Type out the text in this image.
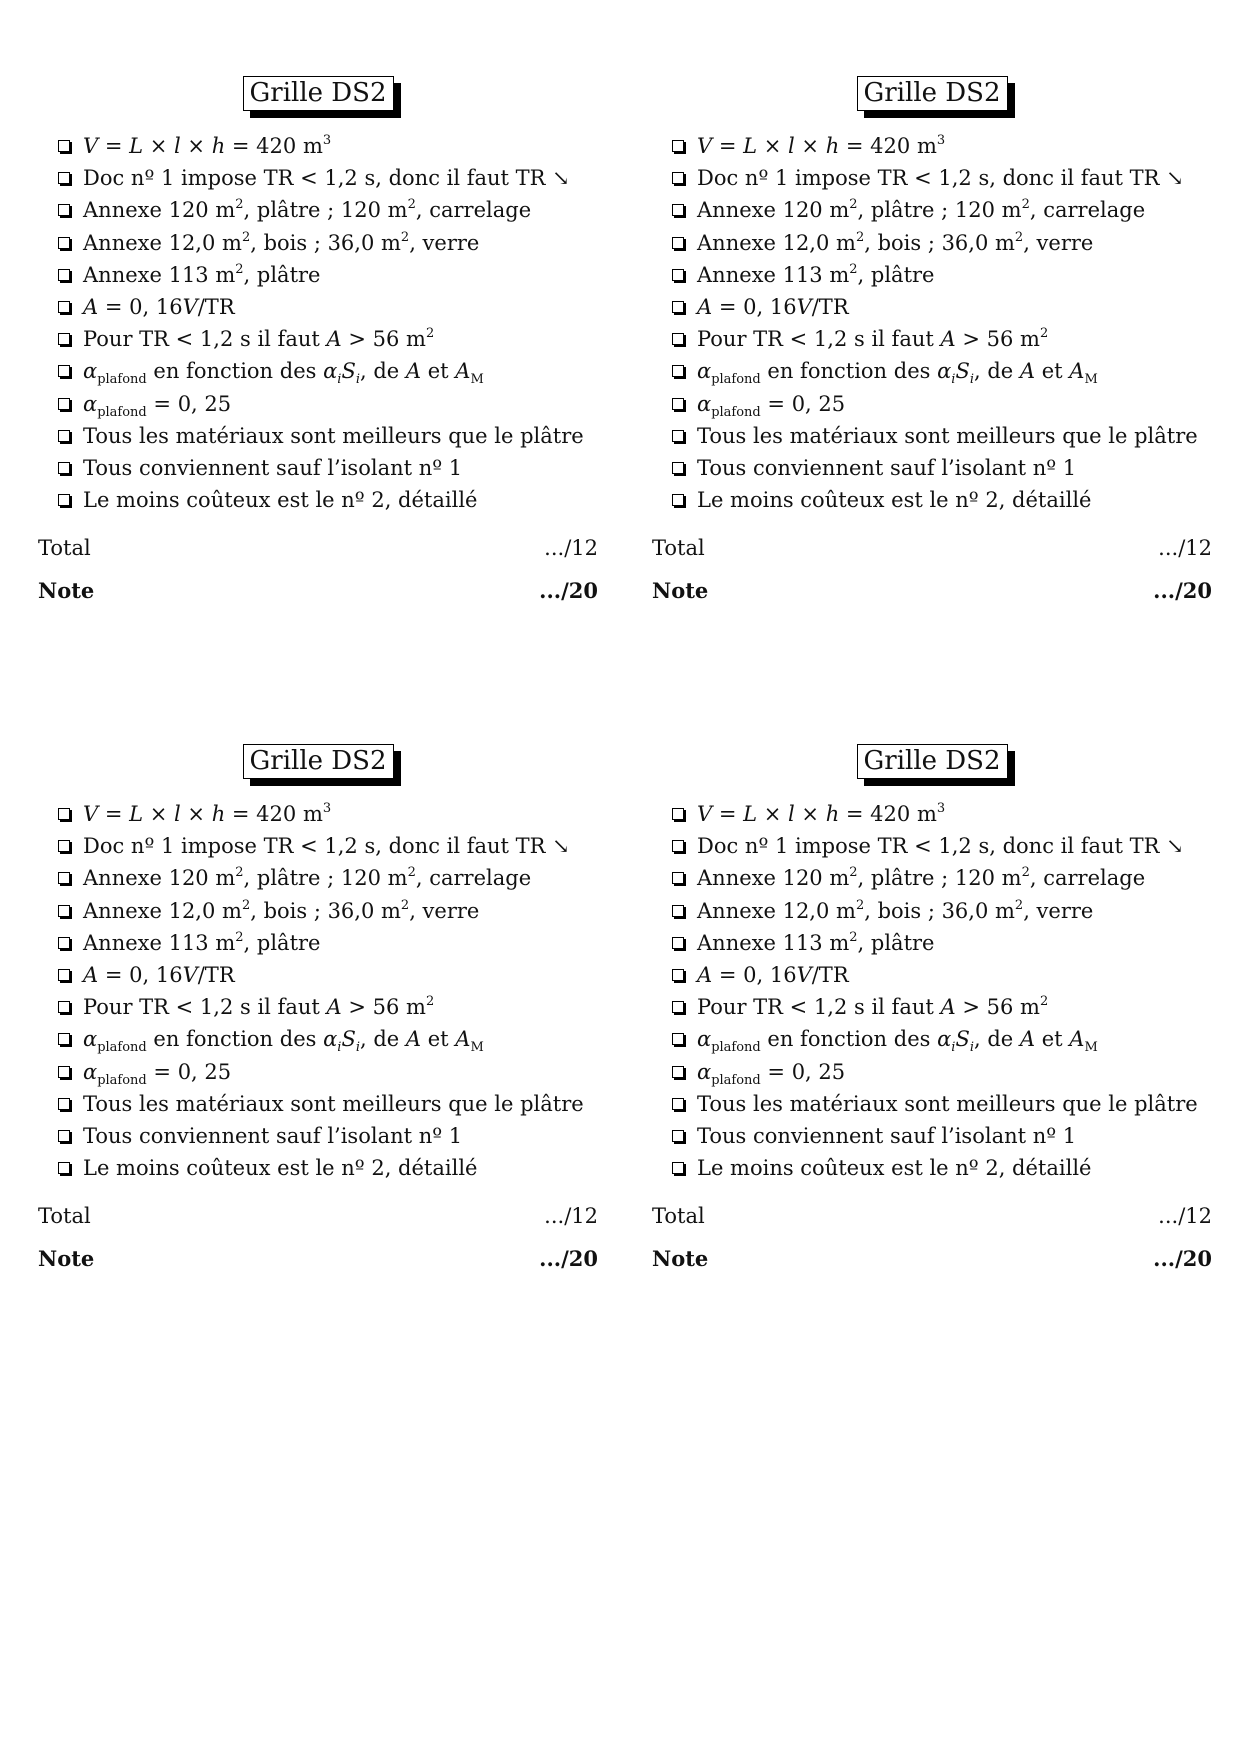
Grille DS2
V = L × l × h = 420 $m^3$
Doc nº 1 impose TR < 1,2 s, donc il faut TR ↘
Annexe 120 $m^2$, plâtre ; 120 $m^2$, carrelage
Annexe 12,0 $m^2$, bois ; 36,0 $m^2$, verre
Annexe 113 $m^2$, plâtre
A = 0, 16V/TR
Pour TR < 1,2 s il faut A > 56 $m^2$
$\alpha_{plafond}$ en fonction des $\alpha_iS_i$, de A et $A_M$
$\alpha_{plafond} = 0$, 25
Tous les matériaux sont meilleurs que le plâtre
Tous conviennent sauf l’isolant nº 1
Le moins coûteux est le nº 2, détaillé
Total	.../12
Note	.../20
Grille DS2
V = L × l × h = 420 $m^3$
Doc nº 1 impose TR < 1,2 s, donc il faut TR ↘
Annexe 120 $m^2$, plâtre ; 120 $m^2$, carrelage
Annexe 12,0 $m^2$, bois ; 36,0 $m^2$, verre
Annexe 113 $m^2$, plâtre
A = 0, 16V/TR
Pour TR < 1,2 s il faut A > 56 $m^2$
$\alpha_{plafond}$ en fonction des $\alpha_iS_i$, de A et $A_M$
$\alpha_{plafond} = 0$, 25
Tous les matériaux sont meilleurs que le plâtre
Tous conviennent sauf l’isolant nº 1
Le moins coûteux est le nº 2, détaillé
Total	.../12
Note	.../20
Grille DS2
V = L × l × h = 420 $m^3$
Doc nº 1 impose TR < 1,2 s, donc il faut TR ↘
Annexe 120 $m^2$, plâtre ; 120 $m^2$, carrelage
Annexe 12,0 $m^2$, bois ; 36,0 $m^2$, verre
Annexe 113 $m^2$, plâtre
A = 0, 16V/TR
Pour TR < 1,2 s il faut A > 56 $m^2$
$\alpha_{plafond}$ en fonction des $\alpha_iS_i$, de A et $A_M$
$\alpha_{plafond} = 0$, 25
Tous les matériaux sont meilleurs que le plâtre
Tous conviennent sauf l’isolant nº 1
Le moins coûteux est le nº 2, détaillé
Total	.../12
Note	.../20
Grille DS2
V = L × l × h = 420 $m^3$
Doc nº 1 impose TR < 1,2 s, donc il faut TR ↘
Annexe 120 $m^2$, plâtre ; 120 $m^2$, carrelage
Annexe 12,0 $m^2$, bois ; 36,0 $m^2$, verre
Annexe 113 $m^2$, plâtre
A = 0, 16V/TR
Pour TR < 1,2 s il faut A > 56 $m^2$
$\alpha_{plafond}$ en fonction des $\alpha_iS_i$, de A et $A_M$
$\alpha_{plafond} = 0$, 25
Tous les matériaux sont meilleurs que le plâtre
Tous conviennent sauf l’isolant nº 1
Le moins coûteux est le nº 2, détaillé
Total	.../12
Note	.../20
